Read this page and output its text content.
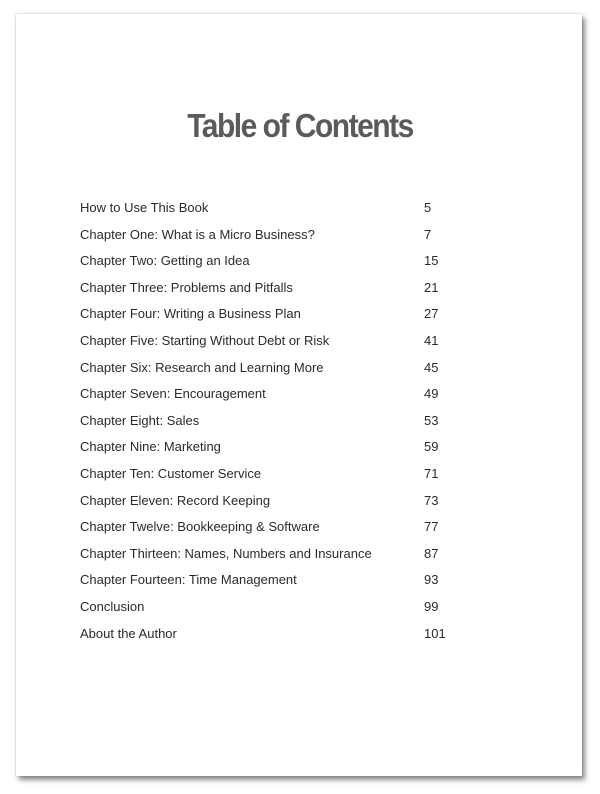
Table of Contents
How to Use This Book	5
Chapter One: What is a Micro Business?	7
Chapter Two: Getting an Idea	15
Chapter Three: Problems and Pitfalls	21
Chapter Four: Writing a Business Plan	27
Chapter Five: Starting Without Debt or Risk	41
Chapter Six: Research and Learning More	45
Chapter Seven: Encouragement	49
Chapter Eight: Sales	53
Chapter Nine: Marketing	59
Chapter Ten: Customer Service	71
Chapter Eleven: Record Keeping	73
Chapter Twelve: Bookkeeping & Software	77
Chapter Thirteen: Names, Numbers and Insurance	87
Chapter Fourteen: Time Management	93
Conclusion	99
About the Author	101
